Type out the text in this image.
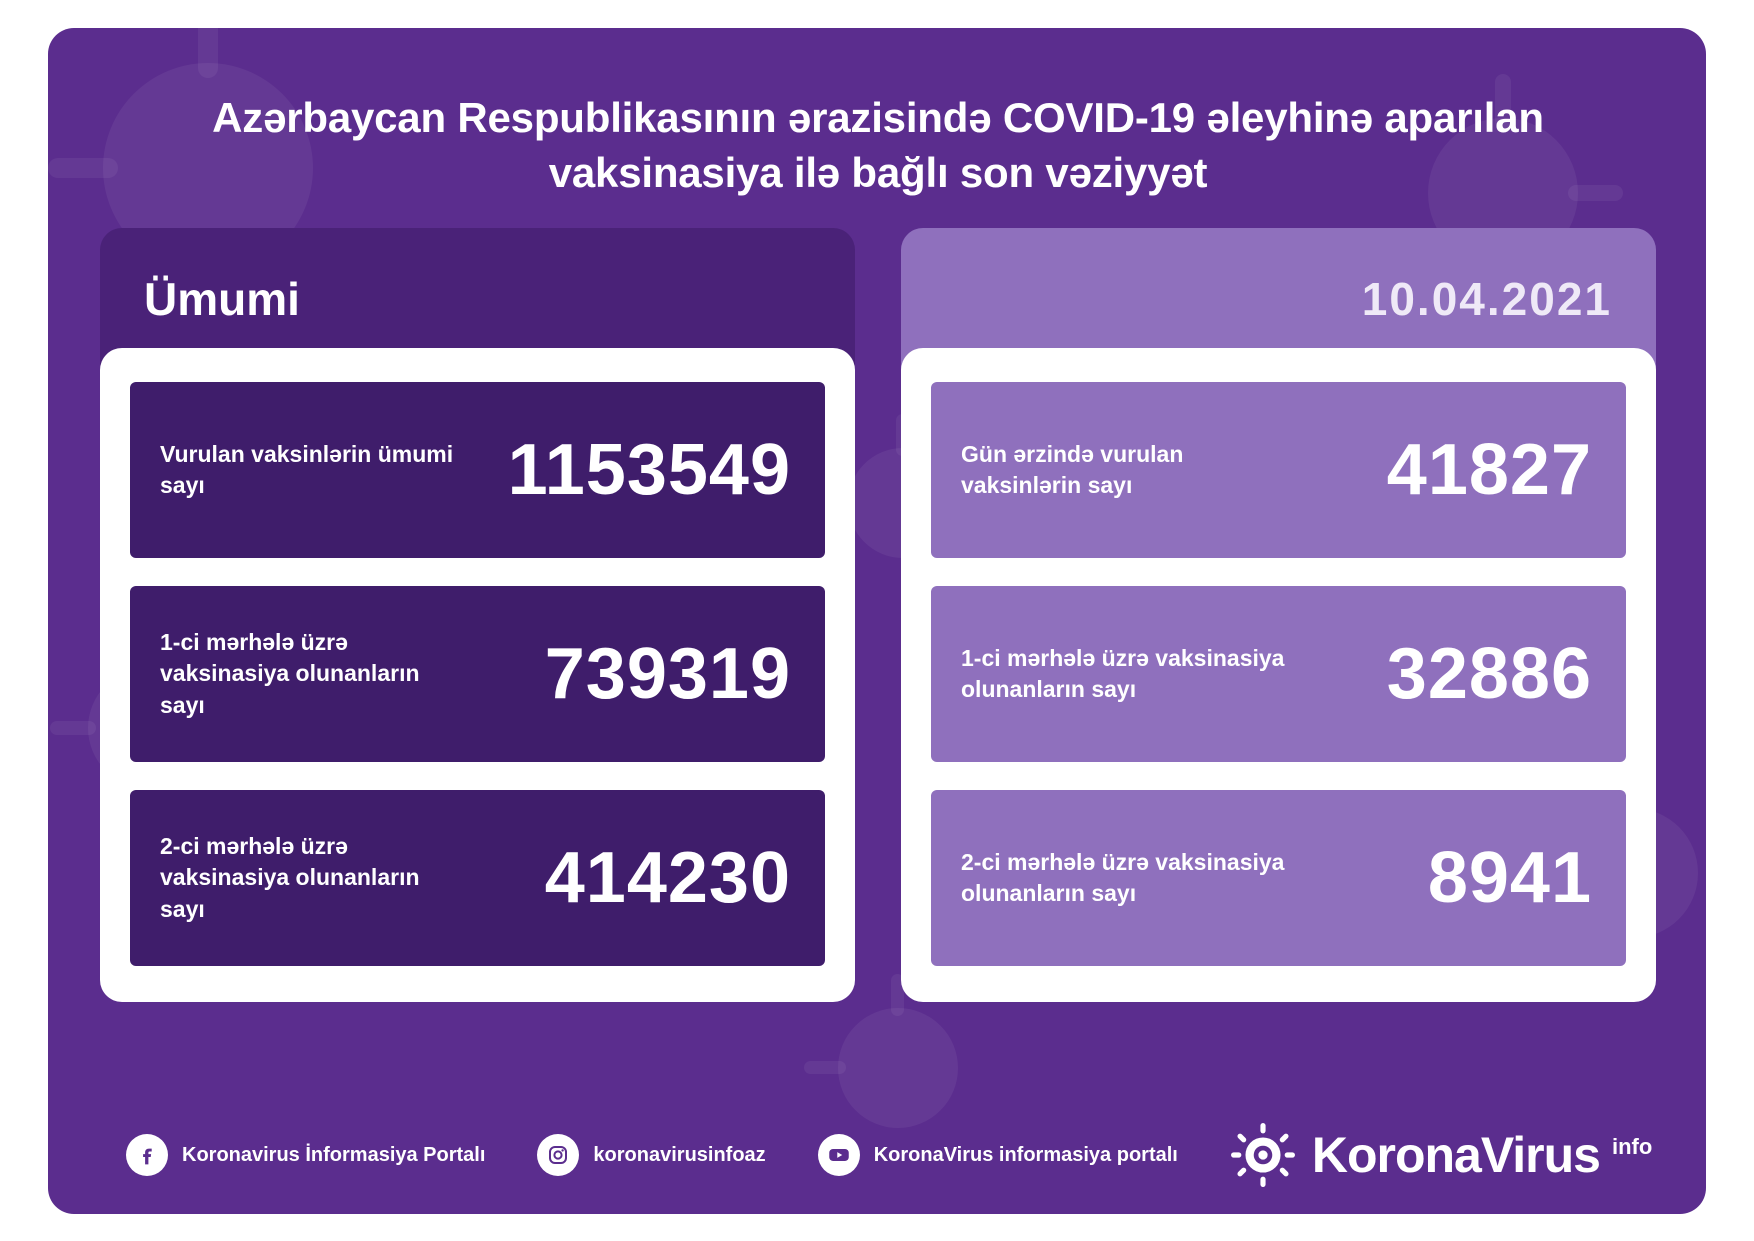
Azərbaycan Respublikasının ərazisində COVID-19 əleyhinə aparılan vaksinasiya ilə bağlı son vəziyyət
Ümumi
Vurulan vaksinlərin ümumi sayı	1153549
1-ci mərhələ üzrə vaksinasiya olunanların sayı	739319
2-ci mərhələ üzrə vaksinasiya olunanların sayı	414230
10.04.2021
Gün ərzində vurulan vaksinlərin sayı	41827
1-ci mərhələ üzrə vaksinasiya olunanların sayı	32886
2-ci mərhələ üzrə vaksinasiya olunanların sayı	8941
Koronavirus İnformasiya Portalı	koronavirusinfoaz	KoronaVirus informasiya portalı	KoronaVirus info
